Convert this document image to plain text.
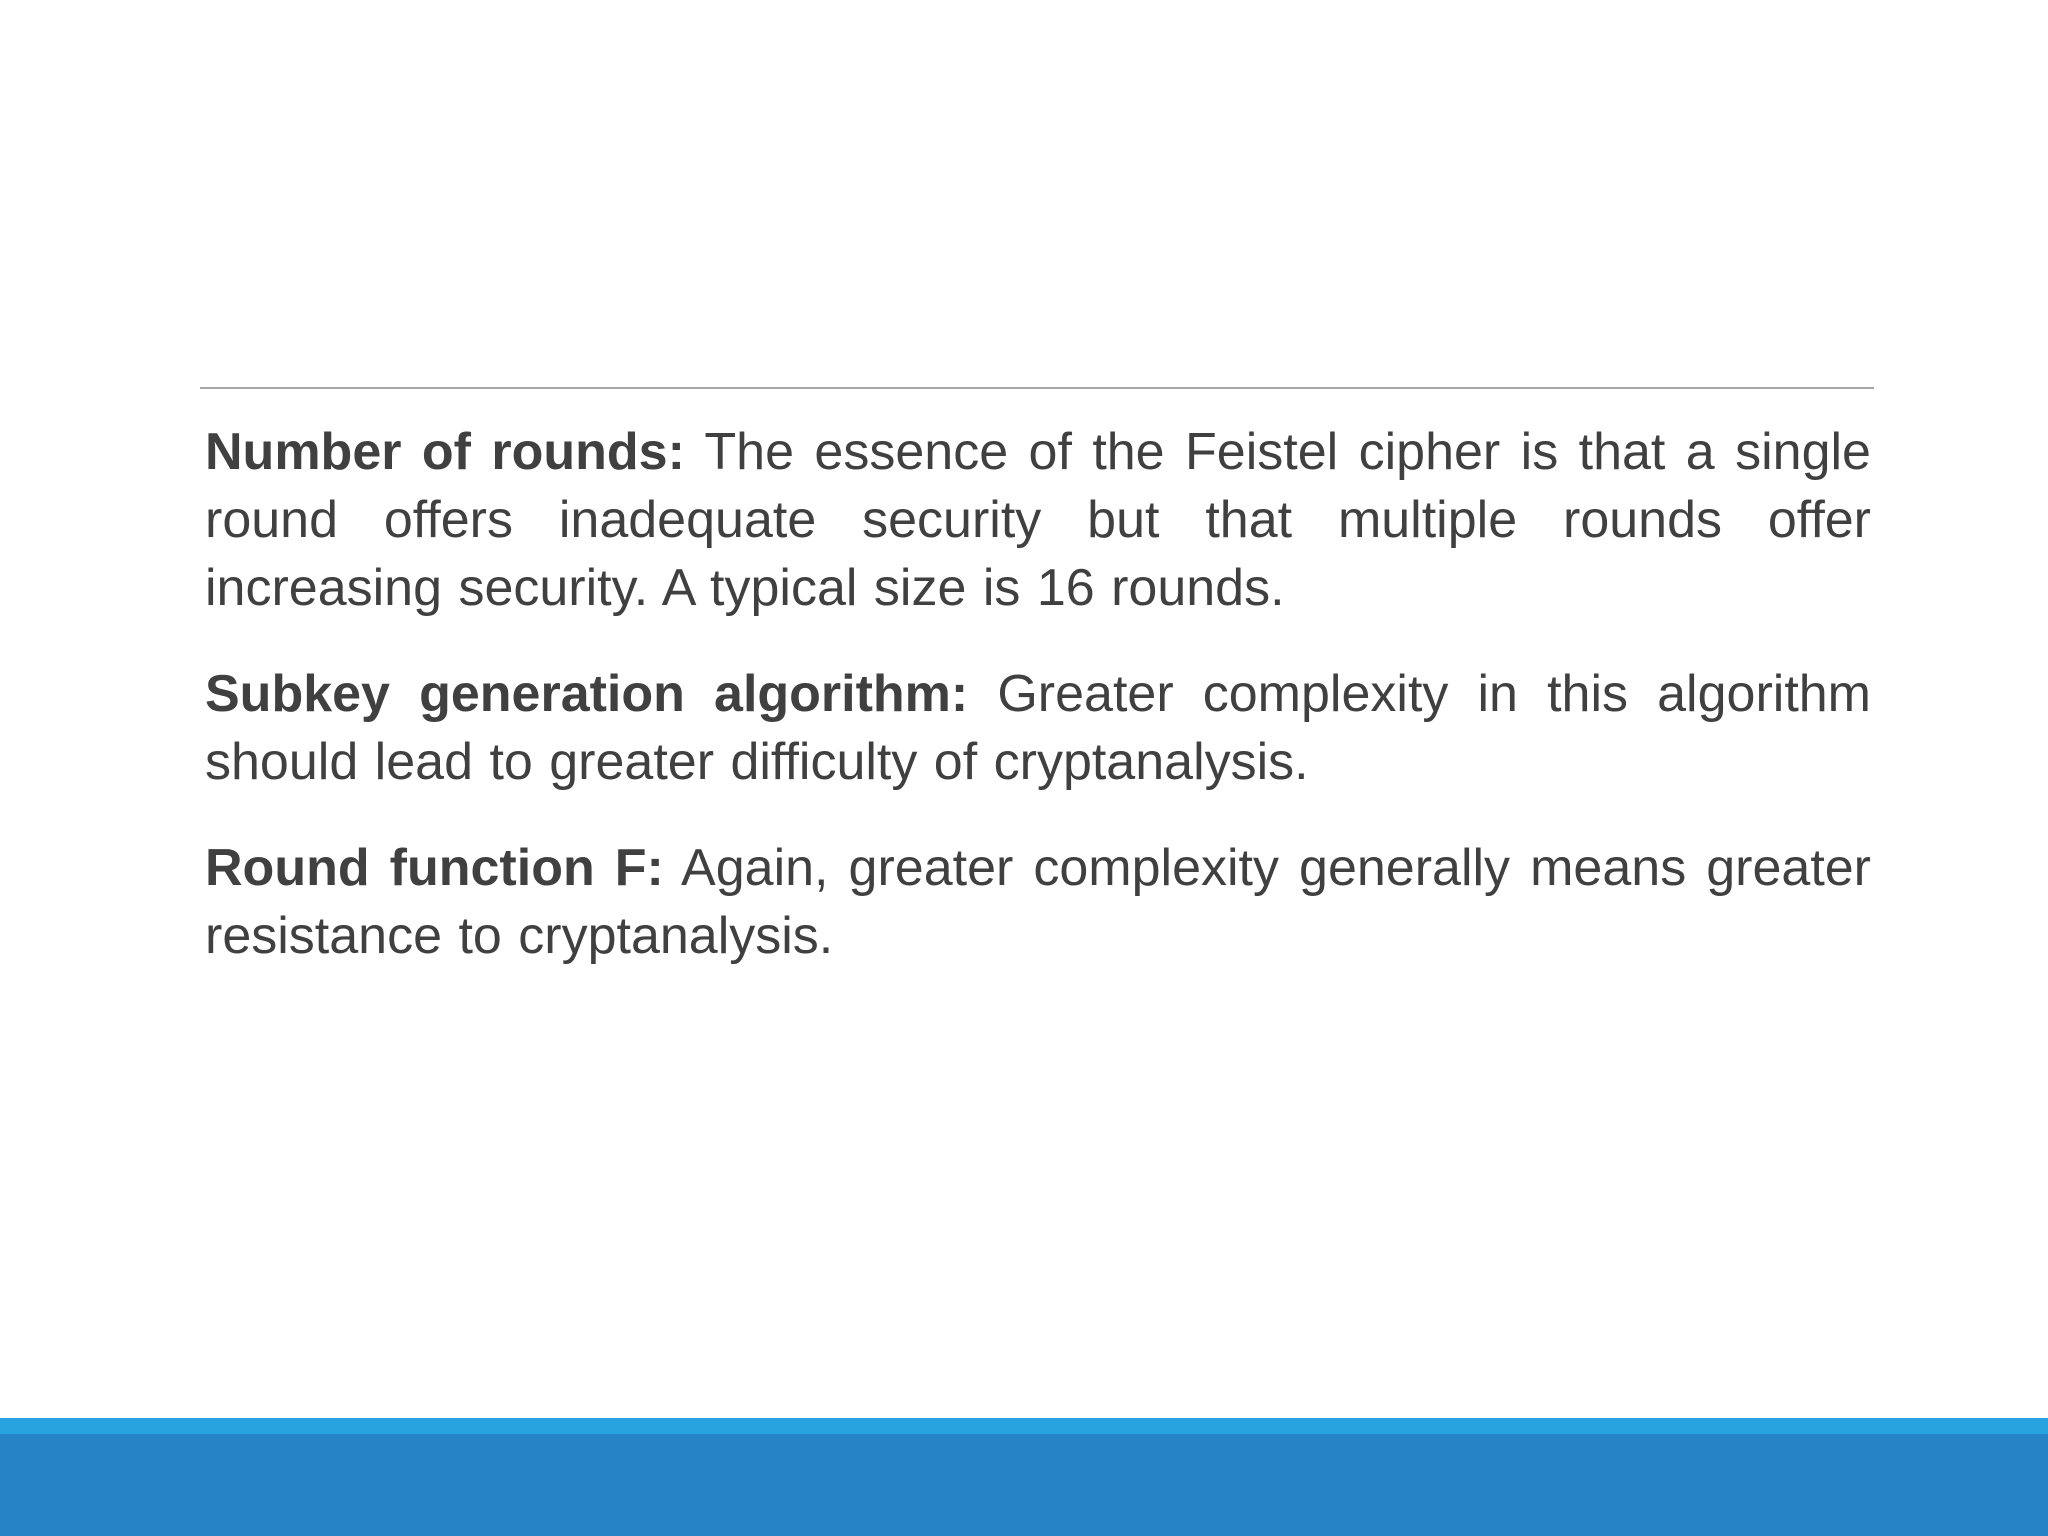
Number of rounds: The essence of the Feistel cipher is that a single round offers inadequate security but that multiple rounds offer increasing security. A typical size is 16 rounds.

Subkey generation algorithm: Greater complexity in this algorithm should lead to greater difficulty of cryptanalysis.

Round function F: Again, greater complexity generally means greater resistance to cryptanalysis.
